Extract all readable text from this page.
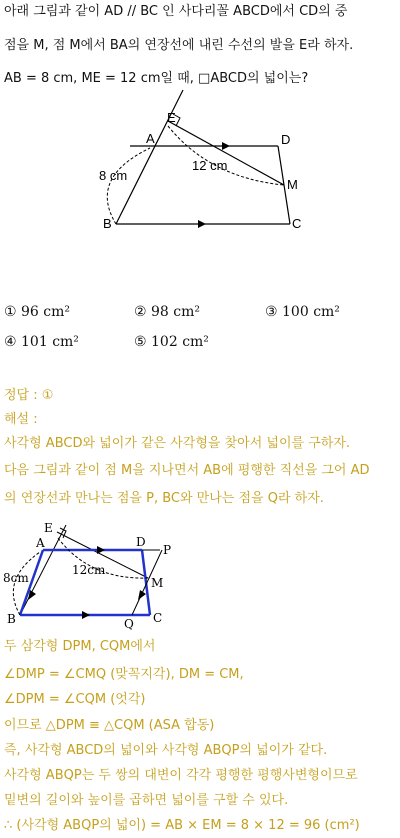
아래 그림과 같이 AD // BC 인 사다리꼴 ABCD에서 CD의 중
점을 M, 점 M에서 BA의 연장선에 내린 수선의 발을 E라 하자.
AB = 8 cm, ME = 12 cm일 때, □ABCD의 넓이는?
A
E
D
M
B	C
8 cm
12 cm
① 96 cm²	② 98 cm²	③ 100 cm²
④ 101 cm²	⑤ 102 cm²
정답 : ①
해설 :
사각형 ABCD와 넓이가 같은 사각형을 찾아서 넓이를 구하자.
다음 그림과 같이 점 M을 지나면서 AB에 평행한 직선을 그어 AD
의 연장선과 만나는 점을 P, BC와 만나는 점을 Q라 하자.
E
A	D
P
M
B	C
Q
8cm
12cm
두 삼각형 DPM, CQM에서
∠DMP = ∠CMQ (맞꼭지각), DM = CM,
∠DPM = ∠CQM (엇각)
이므로 △DPM ≡ △CQM (ASA 합동)
즉, 사각형 ABCD의 넓이와 사각형 ABQP의 넓이가 같다.
사각형 ABQP는 두 쌍의 대변이 각각 평행한 평행사변형이므로
밑변의 길이와 높이를 곱하면 넓이를 구할 수 있다.
∴ (사각형 ABQP의 넓이) = AB × EM = 8 × 12 = 96 (cm²)
